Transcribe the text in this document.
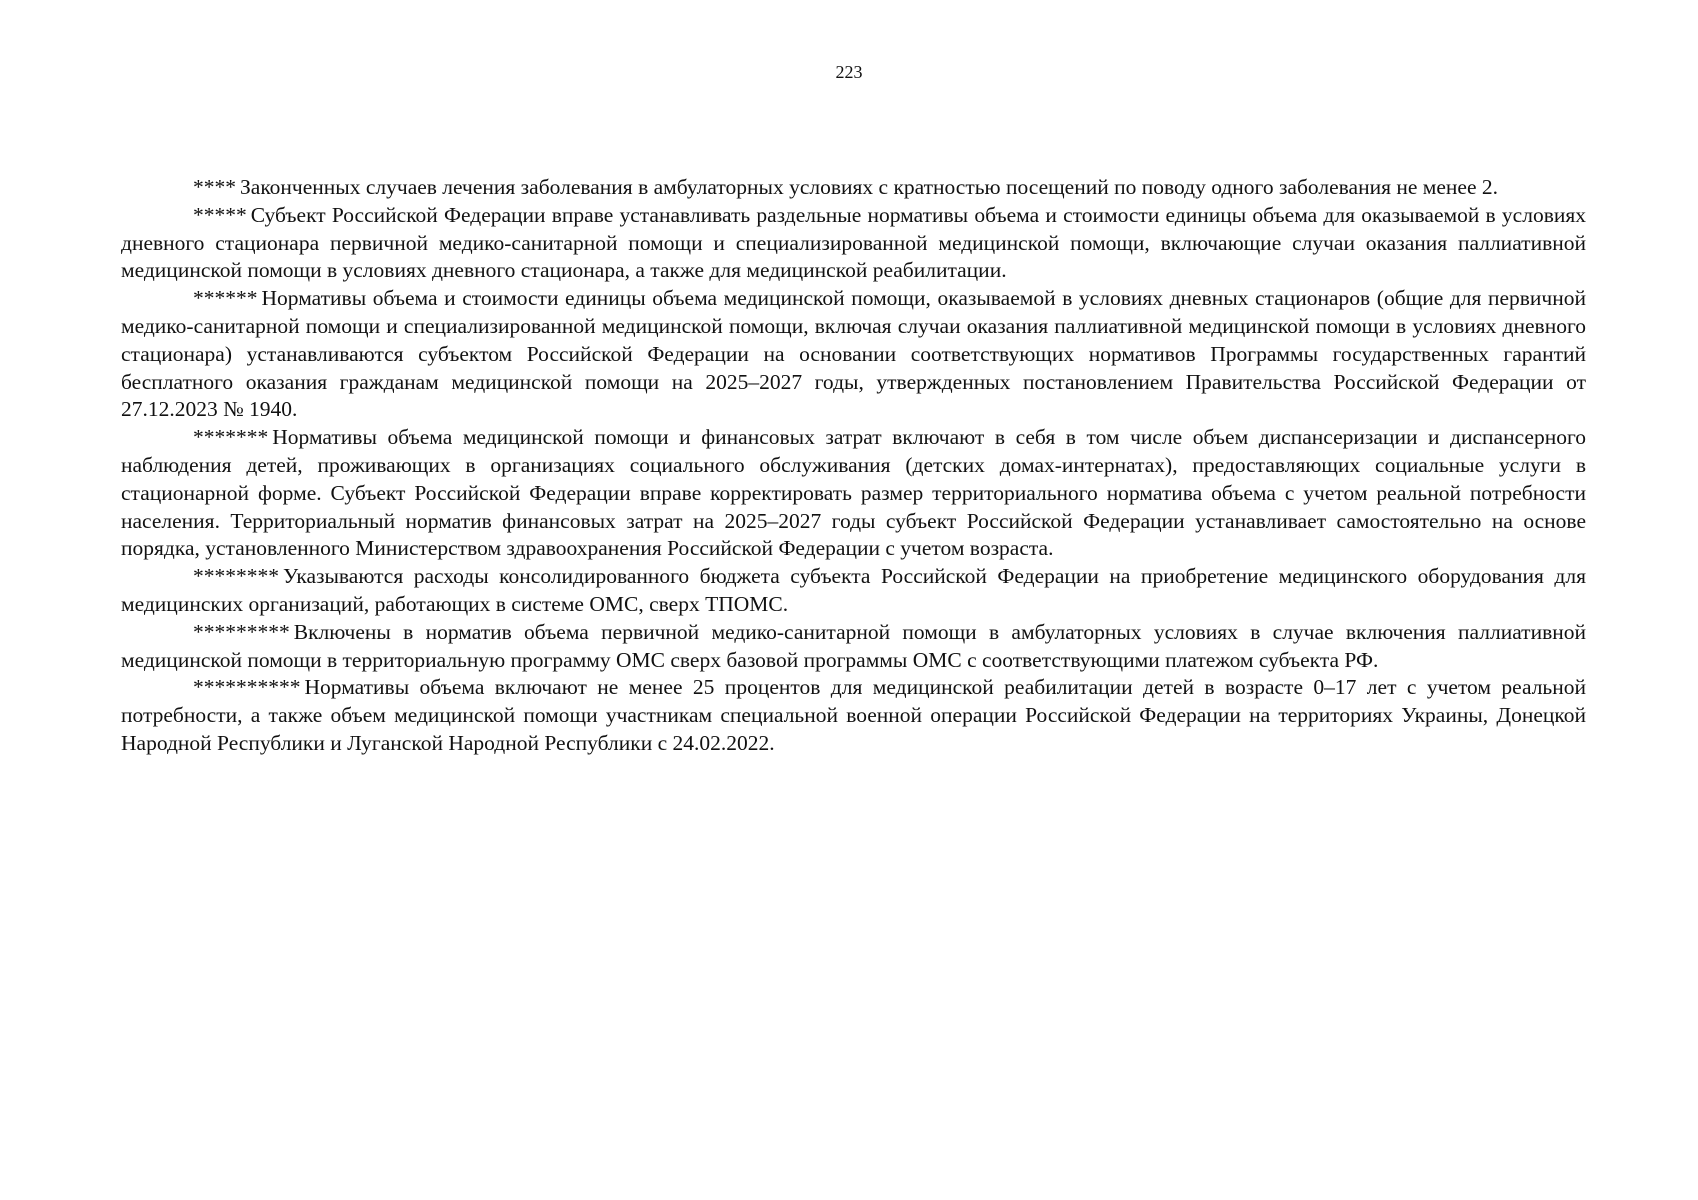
223

**** Законченных случаев лечения заболевания в амбулаторных условиях с кратностью посещений по поводу одного заболевания не менее 2.

***** Субъект Российской Федерации вправе устанавливать раздельные нормативы объема и стоимости единицы объема для оказываемой в условиях дневного стационара первичной медико-санитарной помощи и специализированной медицинской помощи, включающие случаи оказания паллиативной медицинской помощи в условиях дневного стационара, а также для медицинской реабилитации.

****** Нормативы объема и стоимости единицы объема медицинской помощи, оказываемой в условиях дневных стационаров (общие для первичной медико-санитарной помощи и специализированной медицинской помощи, включая случаи оказания паллиативной медицинской помощи в условиях дневного стационара) устанавливаются субъектом Российской Федерации на основании соответствующих нормативов Программы государственных гарантий бесплатного оказания гражданам медицинской помощи на 2025–2027 годы, утвержденных постановлением Правительства Российской Федерации от 27.12.2023 № 1940.

******* Нормативы объема медицинской помощи и финансовых затрат включают в себя в том числе объем диспансеризации и диспансерного наблюдения детей, проживающих в организациях социального обслуживания (детских домах-интернатах), предоставляющих социальные услуги в стационарной форме. Субъект Российской Федерации вправе корректировать размер территориального норматива объема с учетом реальной потребности населения. Территориальный норматив финансовых затрат на 2025–2027 годы субъект Российской Федерации устанавливает самостоятельно на основе порядка, установленного Министерством здравоохранения Российской Федерации с учетом возраста.

******** Указываются расходы консолидированного бюджета субъекта Российской Федерации на приобретение медицинского оборудования для медицинских организаций, работающих в системе ОМС, сверх ТПОМС.

********* Включены в норматив объема первичной медико-санитарной помощи в амбулаторных условиях в случае включения паллиативной медицинской помощи в территориальную программу ОМС сверх базовой программы ОМС с соответствующими платежом субъекта РФ.

********** Нормативы объема включают не менее 25 процентов для медицинской реабилитации детей в возрасте 0–17 лет с учетом реальной потребности, а также объем медицинской помощи участникам специальной военной операции Российской Федерации на территориях Украины, Донецкой Народной Республики и Луганской Народной Республики с 24.02.2022.
